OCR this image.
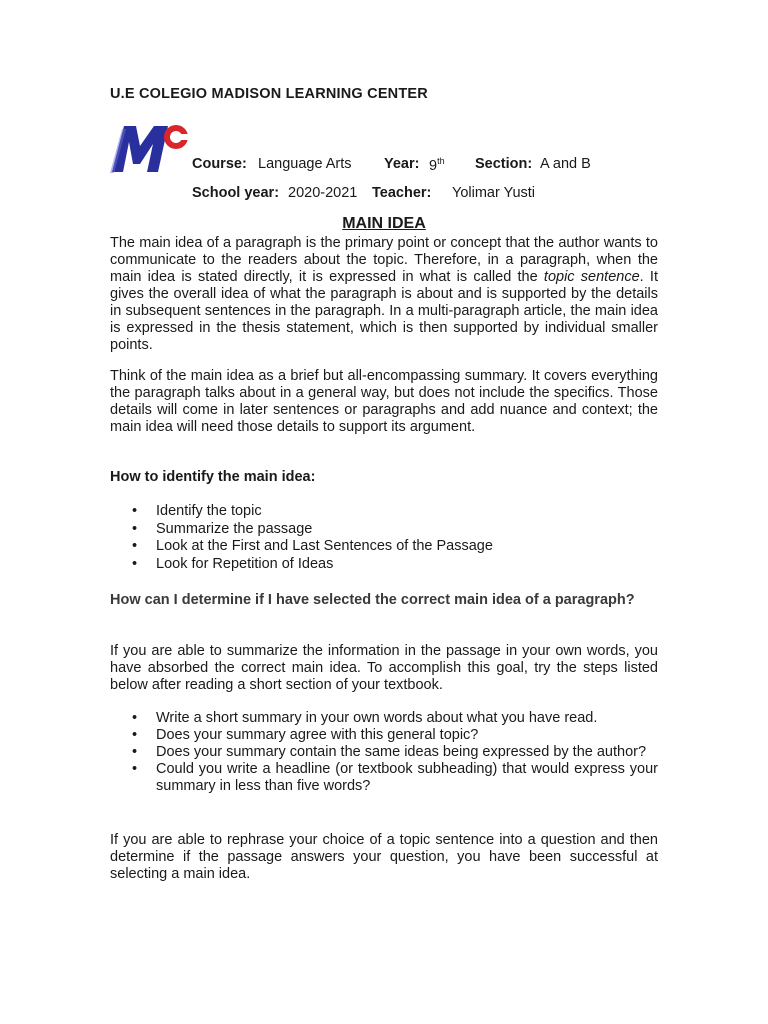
U.E COLEGIO MADISON LEARNING CENTER
Course: Language Arts Year: 9th Section: A and B
School year: 2020-2021 Teacher: Yolimar Yusti
MAIN IDEA
The main idea of a paragraph is the primary point or concept that the author wants to communicate to the readers about the topic. Therefore, in a paragraph, when the main idea is stated directly, it is expressed in what is called the topic sentence. It gives the overall idea of what the paragraph is about and is supported by the details in subsequent sentences in the paragraph. In a multi-paragraph article, the main idea is expressed in the thesis statement, which is then supported by individual smaller points.
Think of the main idea as a brief but all-encompassing summary. It covers everything the paragraph talks about in a general way, but does not include the specifics. Those details will come in later sentences or paragraphs and add nuance and context; the main idea will need those details to support its argument.
How to identify the main idea:
• Identify the topic
• Summarize the passage
• Look at the First and Last Sentences of the Passage
• Look for Repetition of Ideas
How can I determine if I have selected the correct main idea of a paragraph?
If you are able to summarize the information in the passage in your own words, you have absorbed the correct main idea. To accomplish this goal, try the steps listed below after reading a short section of your textbook.
• Write a short summary in your own words about what you have read.
• Does your summary agree with this general topic?
• Does your summary contain the same ideas being expressed by the author?
• Could you write a headline (or textbook subheading) that would express your summary in less than five words?
If you are able to rephrase your choice of a topic sentence into a question and then determine if the passage answers your question, you have been successful at selecting a main idea.
